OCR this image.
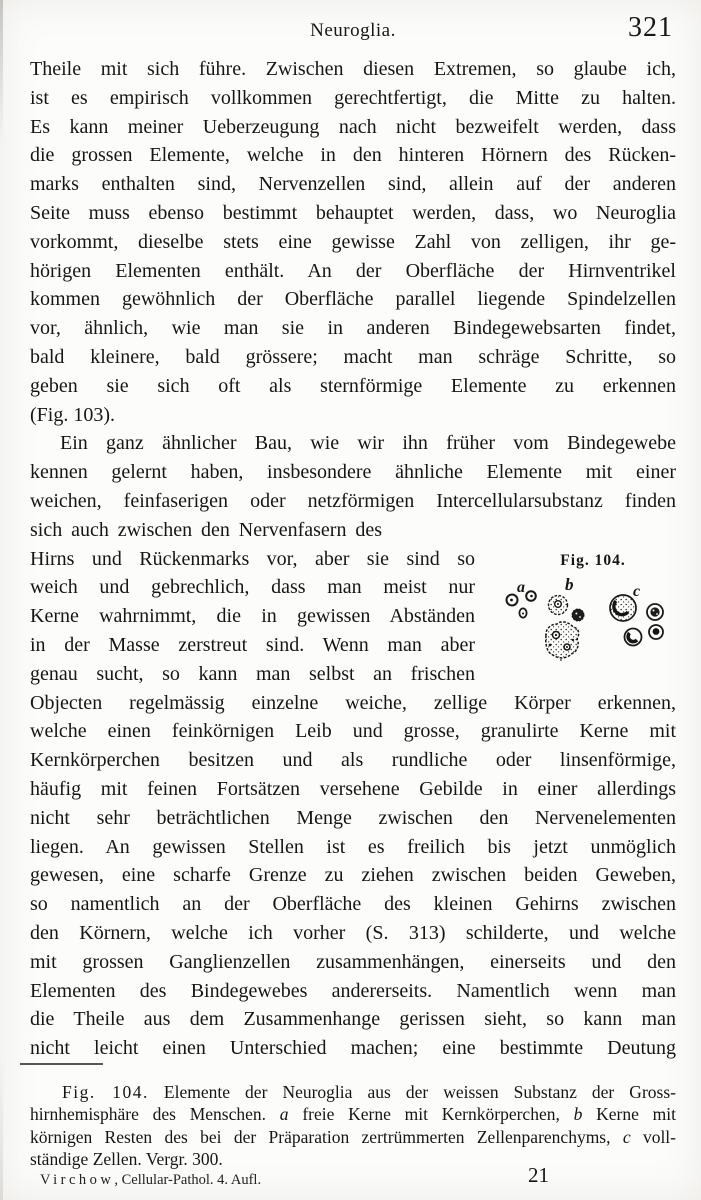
Neuroglia.	321
Theile mit sich führe. Zwischen diesen Extremen, so glaube ich,
ist es empirisch vollkommen gerechtfertigt, die Mitte zu halten.
Es kann meiner Ueberzeugung nach nicht bezweifelt werden, dass
die grossen Elemente, welche in den hinteren Hörnern des Rücken-
marks enthalten sind, Nervenzellen sind, allein auf der anderen
Seite muss ebenso bestimmt behauptet werden, dass, wo Neuroglia
vorkommt, dieselbe stets eine gewisse Zahl von zelligen, ihr ge-
hörigen Elementen enthält. An der Oberfläche der Hirnventrikel
kommen gewöhnlich der Oberfläche parallel liegende Spindelzellen
vor, ähnlich, wie man sie in anderen Bindegewebsarten findet,
bald kleinere, bald grössere; macht man schräge Schritte, so
geben sie sich oft als sternförmige Elemente zu erkennen
(Fig. 103).
Ein ganz ähnlicher Bau, wie wir ihn früher vom Bindegewebe
kennen gelernt haben, insbesondere ähnliche Elemente mit einer
weichen, feinfaserigen oder netzförmigen Intercellularsubstanz finden
sich auch zwischen den Nervenfasern des
Hirns und Rückenmarks vor, aber sie sind so
weich und gebrechlich, dass man meist nur
Kerne wahrnimmt, die in gewissen Abständen
in der Masse zerstreut sind. Wenn man aber
genau sucht, so kann man selbst an frischen
Objecten regelmässig einzelne weiche, zellige Körper erkennen,
welche einen feinkörnigen Leib und grosse, granulirte Kerne mit
Kernkörperchen besitzen und als rundliche oder linsenförmige,
häufig mit feinen Fortsätzen versehene Gebilde in einer allerdings
nicht sehr beträchtlichen Menge zwischen den Nervenelementen
liegen. An gewissen Stellen ist es freilich bis jetzt unmöglich
gewesen, eine scharfe Grenze zu ziehen zwischen beiden Geweben,
so namentlich an der Oberfläche des kleinen Gehirns zwischen
den Körnern, welche ich vorher (S. 313) schilderte, und welche
mit grossen Ganglienzellen zusammenhängen, einerseits und den
Elementen des Bindegewebes andererseits. Namentlich wenn man
die Theile aus dem Zusammenhange gerissen sieht, so kann man
nicht leicht einen Unterschied machen; eine bestimmte Deutung
Fig. 104.
a b	c
Fig. 104. Elemente der Neuroglia aus der weissen Substanz der Gross-
hirnhemisphäre des Menschen. a freie Kerne mit Kernkörperchen, b Kerne mit
körnigen Resten des bei der Präparation zertrümmerten Zellenparenchyms, c voll-
ständige Zellen. Vergr. 300.
Virchow, Cellular-Pathol. 4. Aufl.	21
